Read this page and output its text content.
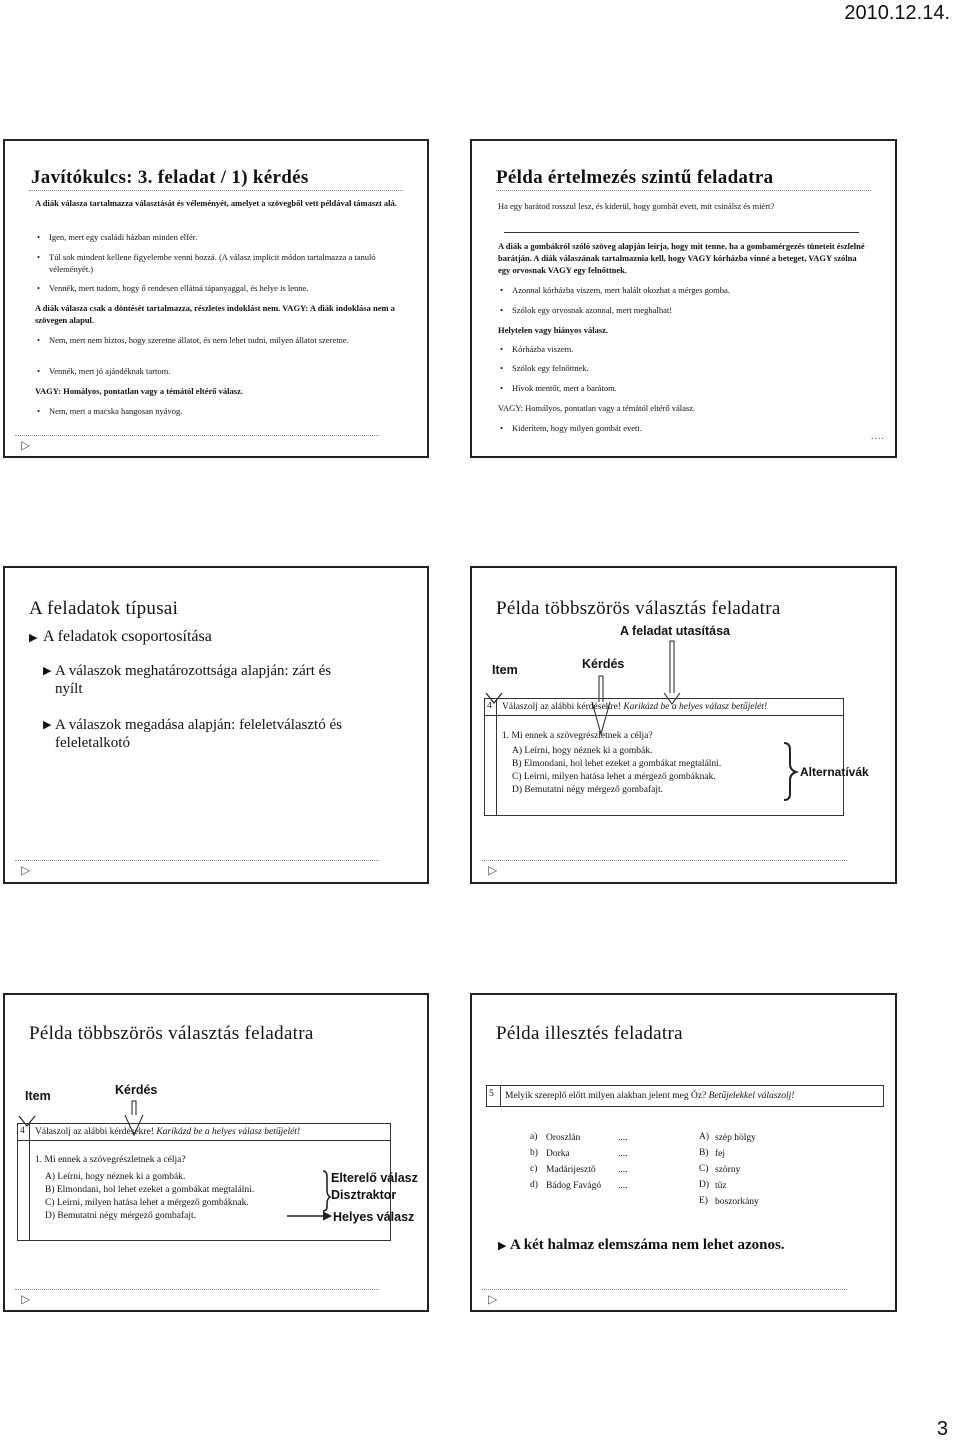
2010.12.14.
Javítókulcs: 3. feladat / 1) kérdés
A diák válasza tartalmazza választását és véleményét, amelyet a szövegből vett példával támaszt alá.
• Igen, mert egy családi házban minden elfér.
• Túl sok mindent kellene figyelembe venni hozzá. (A válasz implicit módon tartalmazza a tanuló véleményét.)
• Vennék, mert tudom, hogy ő rendesen ellátná tápanyaggal, és helye is lenne.
A diák válasza csak a döntését tartalmazza, részletes indoklást nem. VAGY: A diák indoklása nem a szövegen alapul.
• Nem, mert nem biztos, hogy szeretne állatot, és nem lehet tudni, milyen állatot szeretne.
• Vennék, mert jó ajándéknak tartom.
VAGY: Homályos, pontatlan vagy a témától eltérő válasz.
• Nem, mert a macska hangosan nyávog.
▷
Példa értelmezés szintű feladatra
Ha egy barátod rosszul lesz, és kiderül, hogy gombát evett, mit csinálsz és miért?
A diák a gombákról szóló szöveg alapján leírja, hogy mit tenne, ha a gombamérgezés tüneteit észlelné barátján. A diák válaszának tartalmaznia kell, hogy VAGY kórházba vinné a beteget, VAGY szólna egy orvosnak VAGY egy felnőttnek.
• Azonnal kórházba viszem, mert halált okozhat a mérges gomba.
• Szólok egy orvosnak azonnal, mert meghalhat!
Helytelen vagy hiányos válasz.
• Kórházba viszem.
• Szólok egy felnőttnek.
• Hívok mentőt, mert a barátom.
VAGY: Homályos, pontatlan vagy a témától eltérő válasz.
• Kiderítem, hogy milyen gombát evett.
....
A feladatok típusai
▶ A feladatok csoportosítása
▶ A válaszok meghatározottsága alapján: zárt és nyílt
▶ A válaszok megadása alapján: feleletválasztó és feleletalkotó
▷
Példa többszörös választás feladatra
A feladat utasítása
Item	Kérdés
4 Válaszolj az alábbi kérdésekre! Karikázd be a helyes válasz betűjelét!
1. Mi ennek a szövegrészletnek a célja?
A) Leírni, hogy néznek ki a gombák.
B) Elmondani, hol lehet ezeket a gombákat megtalálni.
C) Leírni, milyen hatása lehet a mérgező gombáknak.
D) Bemutatni négy mérgező gombafajt.
Alternatívák
▷
Példa többszörös választás feladatra
Item	Kérdés
4 Válaszolj az alábbi kérdésekre! Karikázd be a helyes válasz betűjelét!
1. Mi ennek a szövegrészletnek a célja?
A) Leírni, hogy néznek ki a gombák.
B) Elmondani, hol lehet ezeket a gombákat megtalálni.
C) Leírni, milyen hatása lehet a mérgező gombáknak.
D) Bemutatni négy mérgező gombafajt.
Elterelő válasz
Disztraktor
Helyes válasz
▷
Példa illesztés feladatra
5 Melyik szereplő előtt milyen alakban jelent meg Óz? Betűjelekkel válaszolj!
a) Oroszlán	....
b) Dorka	....
c) Madárijesztő ....
d) Bádog Favágó ....
A) szép hölgy
B) fej
C) szörny
D) tűz
E) boszorkány
▶ A két halmaz elemszáma nem lehet azonos.
▷
3
